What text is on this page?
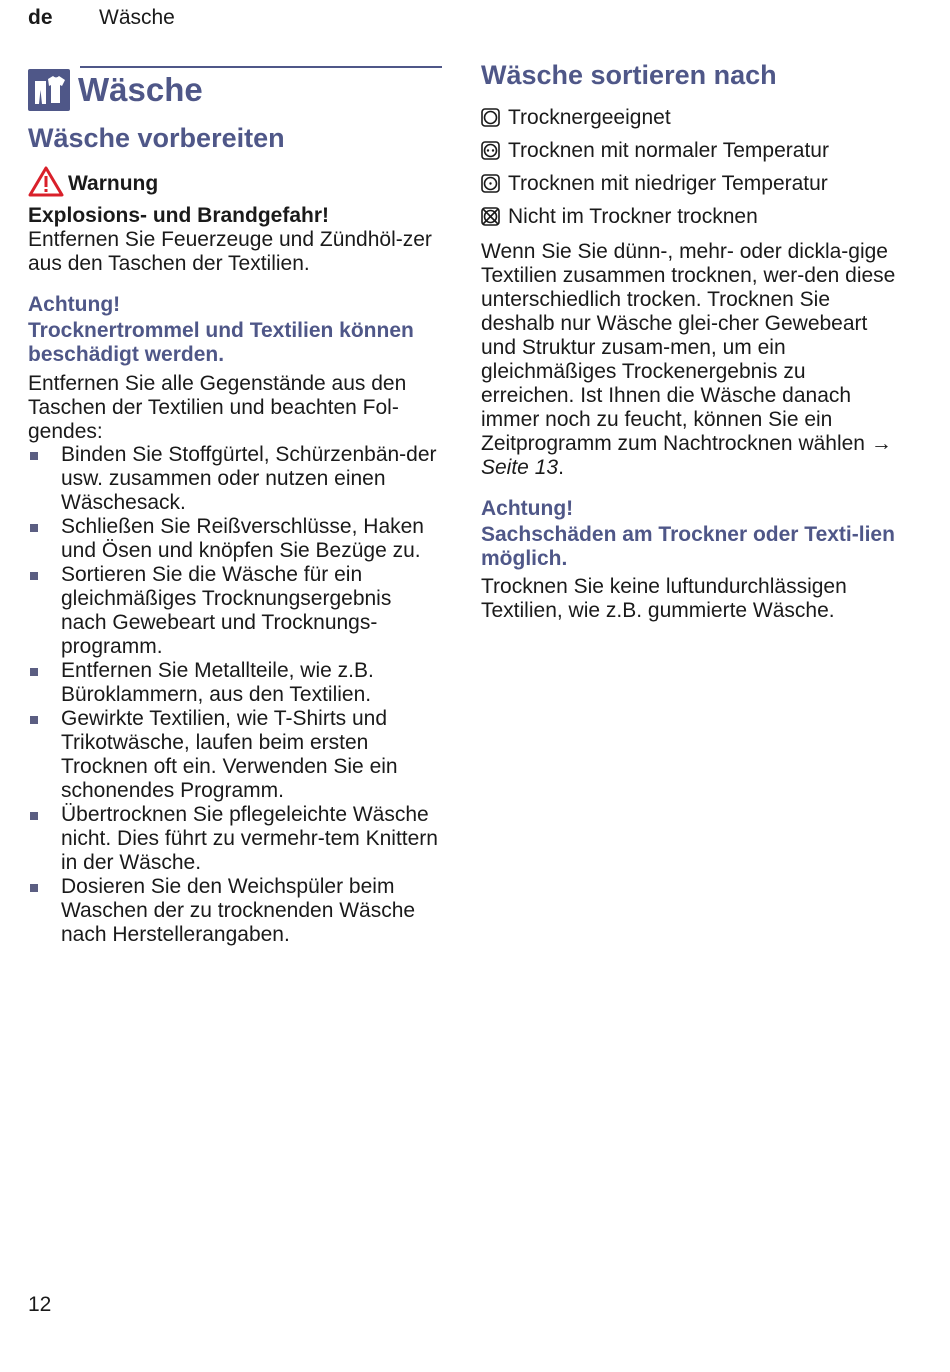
de Wäsche
Wäsche
Wäsche vorbereiten
Warnung

Explosions- und Brandgefahr!

Entfernen Sie Feuerzeuge und Zündhöl-zer aus den Taschen der Textilien.

Achtung!
Trocknertrommel und Textilien können beschädigt werden.

Entfernen Sie alle Gegenstände aus den Taschen der Textilien und beachten Fol-gendes:

Binden Sie Stoffgürtel, Schürzenbän-der usw. zusammen oder nutzen einen Wäschesack.
Schließen Sie Reißverschlüsse, Haken und Ösen und knöpfen Sie Bezüge zu.
Sortieren Sie die Wäsche für ein gleichmäßiges Trocknungsergebnis nach Gewebeart und Trocknungs-programm.
Entfernen Sie Metallteile, wie z.B. Büroklammern, aus den Textilien.
Gewirkte Textilien, wie T-Shirts und Trikotwäsche, laufen beim ersten Trocknen oft ein. Verwenden Sie ein schonendes Programm.
Übertrocknen Sie pflegeleichte Wäsche nicht. Dies führt zu vermehr-tem Knittern in der Wäsche.
Dosieren Sie den Weichspüler beim Waschen der zu trocknenden Wäsche nach Herstellerangaben.
Wäsche sortieren nach
Trocknergeeignet
Trocknen mit normaler Temperatur
Trocknen mit niedriger Temperatur
Nicht im Trockner trocknen

Wenn Sie Sie dünn-, mehr- oder dickla-gige Textilien zusammen trocknen, wer-den diese unterschiedlich trocken. Trocknen Sie deshalb nur Wäsche glei-cher Gewebeart und Struktur zusam-men, um ein gleichmäßiges Trockenergebnis zu erreichen. Ist Ihnen die Wäsche danach immer noch zu feucht, können Sie ein Zeitprogramm zum Nachtrocknen wählen → Seite 13.

Achtung!
Sachschäden am Trockner oder Texti-lien möglich.

Trocknen Sie keine luftundurchlässigen Textilien, wie z.B. gummierte Wäsche.

12
